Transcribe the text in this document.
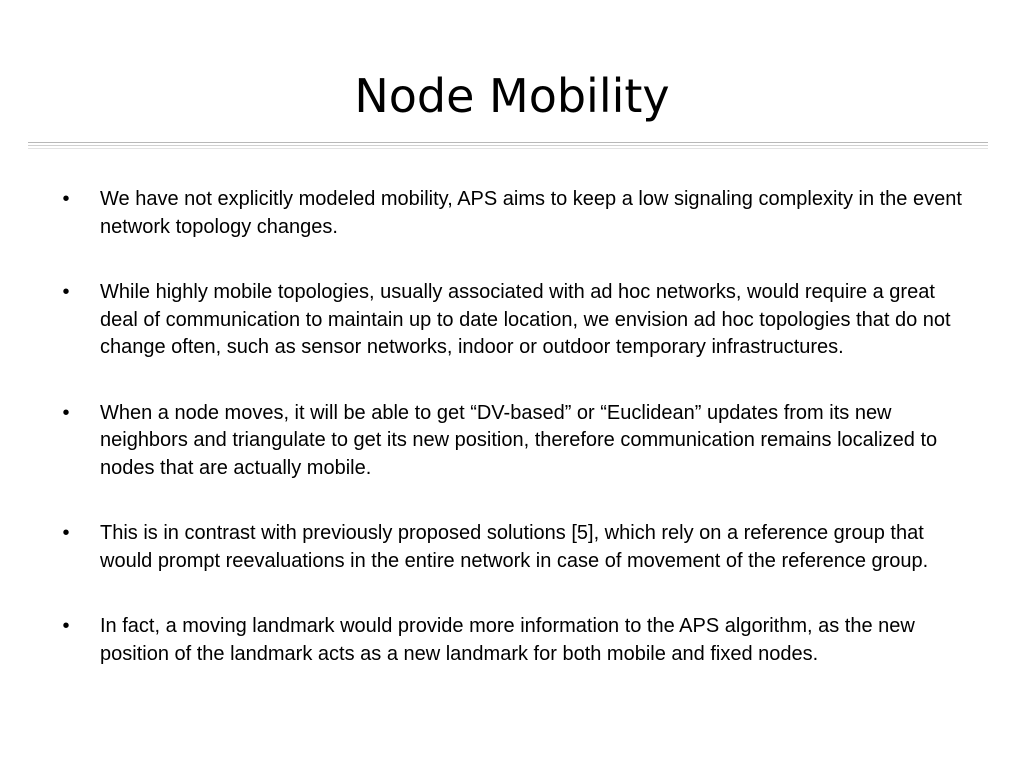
Node Mobility
• We have not explicitly modeled mobility, APS aims to keep a low signaling complexity in the event network topology changes.
• While highly mobile topologies, usually associated with ad hoc networks, would require a great deal of communication to maintain up to date location, we envision ad hoc topologies that do not change often, such as sensor networks, indoor or outdoor temporary infrastructures.
• When a node moves, it will be able to get “DV-based” or “Euclidean” updates from its new neighbors and triangulate to get its new position, therefore communication remains localized to nodes that are actually mobile.
• This is in contrast with previously proposed solutions [5], which rely on a reference group that would prompt reevaluations in the entire network in case of movement of the reference group.
• In fact, a moving landmark would provide more information to the APS algorithm, as the new position of the landmark acts as a new landmark for both mobile and fixed nodes.
